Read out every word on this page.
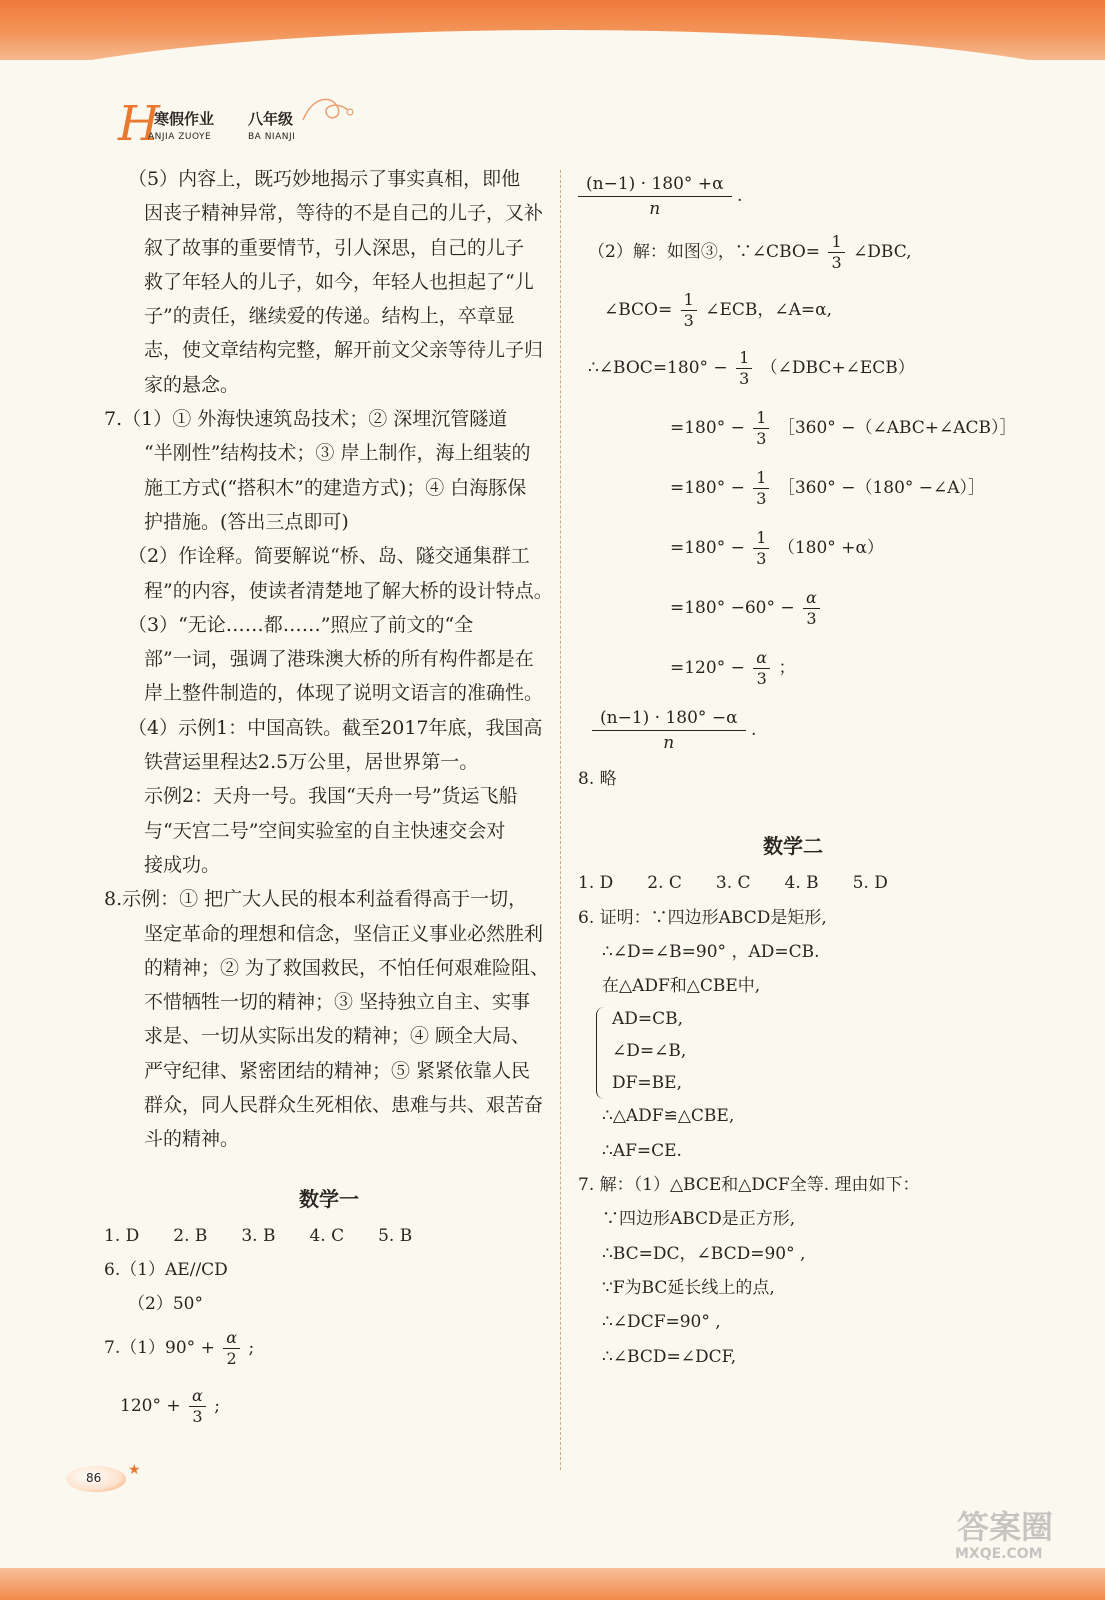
H
寒假作业 八年级
ANJIA ZUOYE	BA NIANJI
（5）内容上，既巧妙地揭示了事实真相，即他
因丧子精神异常，等待的不是自己的儿子，又补
叙了故事的重要情节，引人深思，自己的儿子
救了年轻人的儿子，如今，年轻人也担起了“儿
子”的责任，继续爱的传递。结构上，卒章显
志，使文章结构完整，解开前文父亲等待儿子归
家的悬念。
7.（1）① 外海快速筑岛技术；② 深埋沉管隧道
“半刚性”结构技术；③ 岸上制作，海上组装的
施工方式(“搭积木”的建造方式)；④ 白海豚保
护措施。(答出三点即可)
（2）作诠释。简要解说“桥、岛、隧交通集群工
程”的内容，使读者清楚地了解大桥的设计特点。
（3）“无论……都……”照应了前文的“全
部”一词，强调了港珠澳大桥的所有构件都是在
岸上整件制造的，体现了说明文语言的准确性。
（4）示例1：中国高铁。截至2017年底，我国高
铁营运里程达2.5万公里，居世界第一。
示例2：天舟一号。我国“天舟一号”货运飞船
与“天宫二号”空间实验室的自主快速交会对
接成功。
8.示例：① 把广大人民的根本利益看得高于一切，
坚定革命的理想和信念，坚信正义事业必然胜利
的精神；② 为了救国救民，不怕任何艰难险阻、
不惜牺牲一切的精神；③ 坚持独立自主、实事
求是、一切从实际出发的精神；④ 顾全大局、
严守纪律、紧密团结的精神；⑤ 紧紧依靠人民
群众，同人民群众生死相依、患难与共、艰苦奋
斗的精神。
数学一
1. D　　2. B　　3. B　　4. C　　5. B
6.（1）AE//CD
（2）50°
$7.(1)90^\circ + \frac{\alpha}{2}$ ;
$120^\circ + \frac{\alpha}{3}$ ;
$\frac{(n-1) \cdot 180^\circ +\alpha}{n}$ .
（2）解：如图③，∵∠CBO= $\frac{1}{3}$ ∠DBC,
∠BCO= $\frac{1}{3}$ ∠ECB，∠A=α,
∴∠BOC=180° − $\frac{1}{3}$ （∠DBC+∠ECB）
$=180^\circ - \frac{1}{3}$ ［360° −（∠ABC+∠ACB）］
$=180^\circ - \frac{1}{3}$ ［360° −（180° −∠A）］
$=180^\circ - \frac{1}{3} (180^\circ +\alpha)$
$=180^\circ -60^\circ - \frac{\alpha}{3}$
$=120^\circ - \frac{\alpha}{3}$ ；
$\frac{(n-1) \cdot 180^\circ -\alpha}{n}$ .
8. 略
数学二
1. D　　2. C　　3. C　　4. B　　5. D
6. 证明：∵四边形ABCD是矩形,
∴∠D=∠B=90° ，AD=CB.
在△ADF和△CBE中,
AD=CB,
∠D=∠B,
DF=BE,
∴△ADF≌△CBE,
∴AF=CE.
7. 解：（1）△BCE和△DCF全等. 理由如下：
∵四边形ABCD是正方形,
∴BC=DC，∠BCD=90° ,
∵F为BC延长线上的点,
∴∠DCF=90° ,
∴∠BCD=∠DCF,
86 ★
答案圈
MXQE.COM
